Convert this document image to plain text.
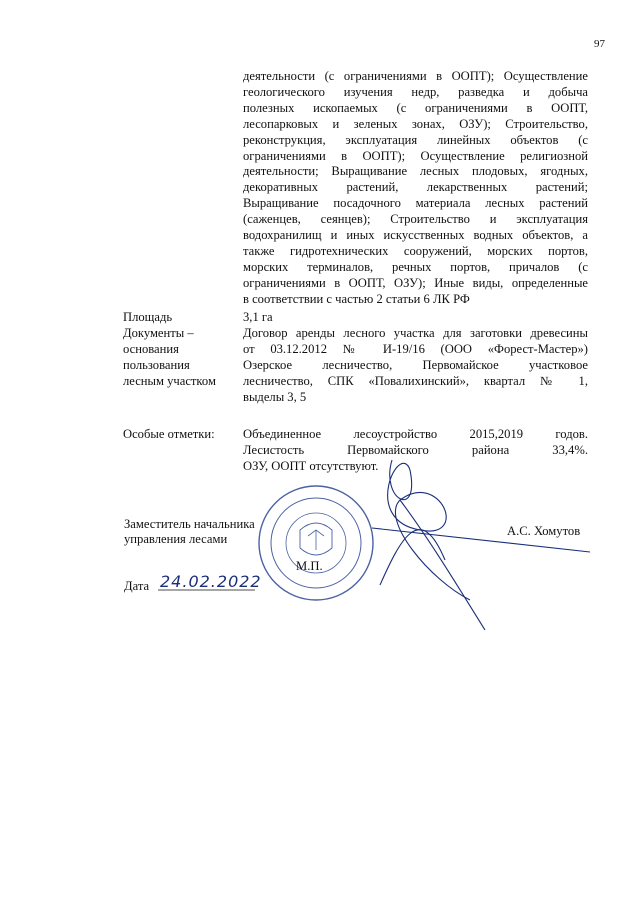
97
деятельности (с ограничениями в ООПТ); Осуществление
геологического изучения недр, разведка и добыча
полезных ископаемых (с ограничениями в ООПТ,
лесопарковых и зеленых зонах, ОЗУ); Строительство,
реконструкция, эксплуатация линейных объектов (с
ограничениями в ООПТ); Осуществление религиозной
деятельности; Выращивание лесных плодовых, ягодных,
декоративных растений, лекарственных растений;
Выращивание посадочного материала лесных растений
(саженцев, сеянцев); Строительство и эксплуатация
водохранилищ и иных искусственных водных объектов, а
также гидротехнических сооружений, морских портов,
морских терминалов, речных портов, причалов (с
ограничениями в ООПТ, ОЗУ); Иные виды, определенные
в соответствии с частью 2 статьи 6 ЛК РФ
Площадь	3,1 га
Документы –
основания
пользования
лесным участком
Договор аренды лесного участка для заготовки древесины
от 03.12.2012 № И-19/16 (ООО «Форест-Мастер»)
Озерское лесничество, Первомайское участковое
лесничество, СПК «Повалихинский», квартал № 1,
выделы 3, 5
Особые отметки:	Объединенное лесоустройство 2015,2019 годов.
Лесистость Первомайского района 33,4%.
ОЗУ, ООПТ отсутствуют.
Заместитель начальника
управления лесами
А.С. Хомутов
М.П.
Дата 24.02.2022
